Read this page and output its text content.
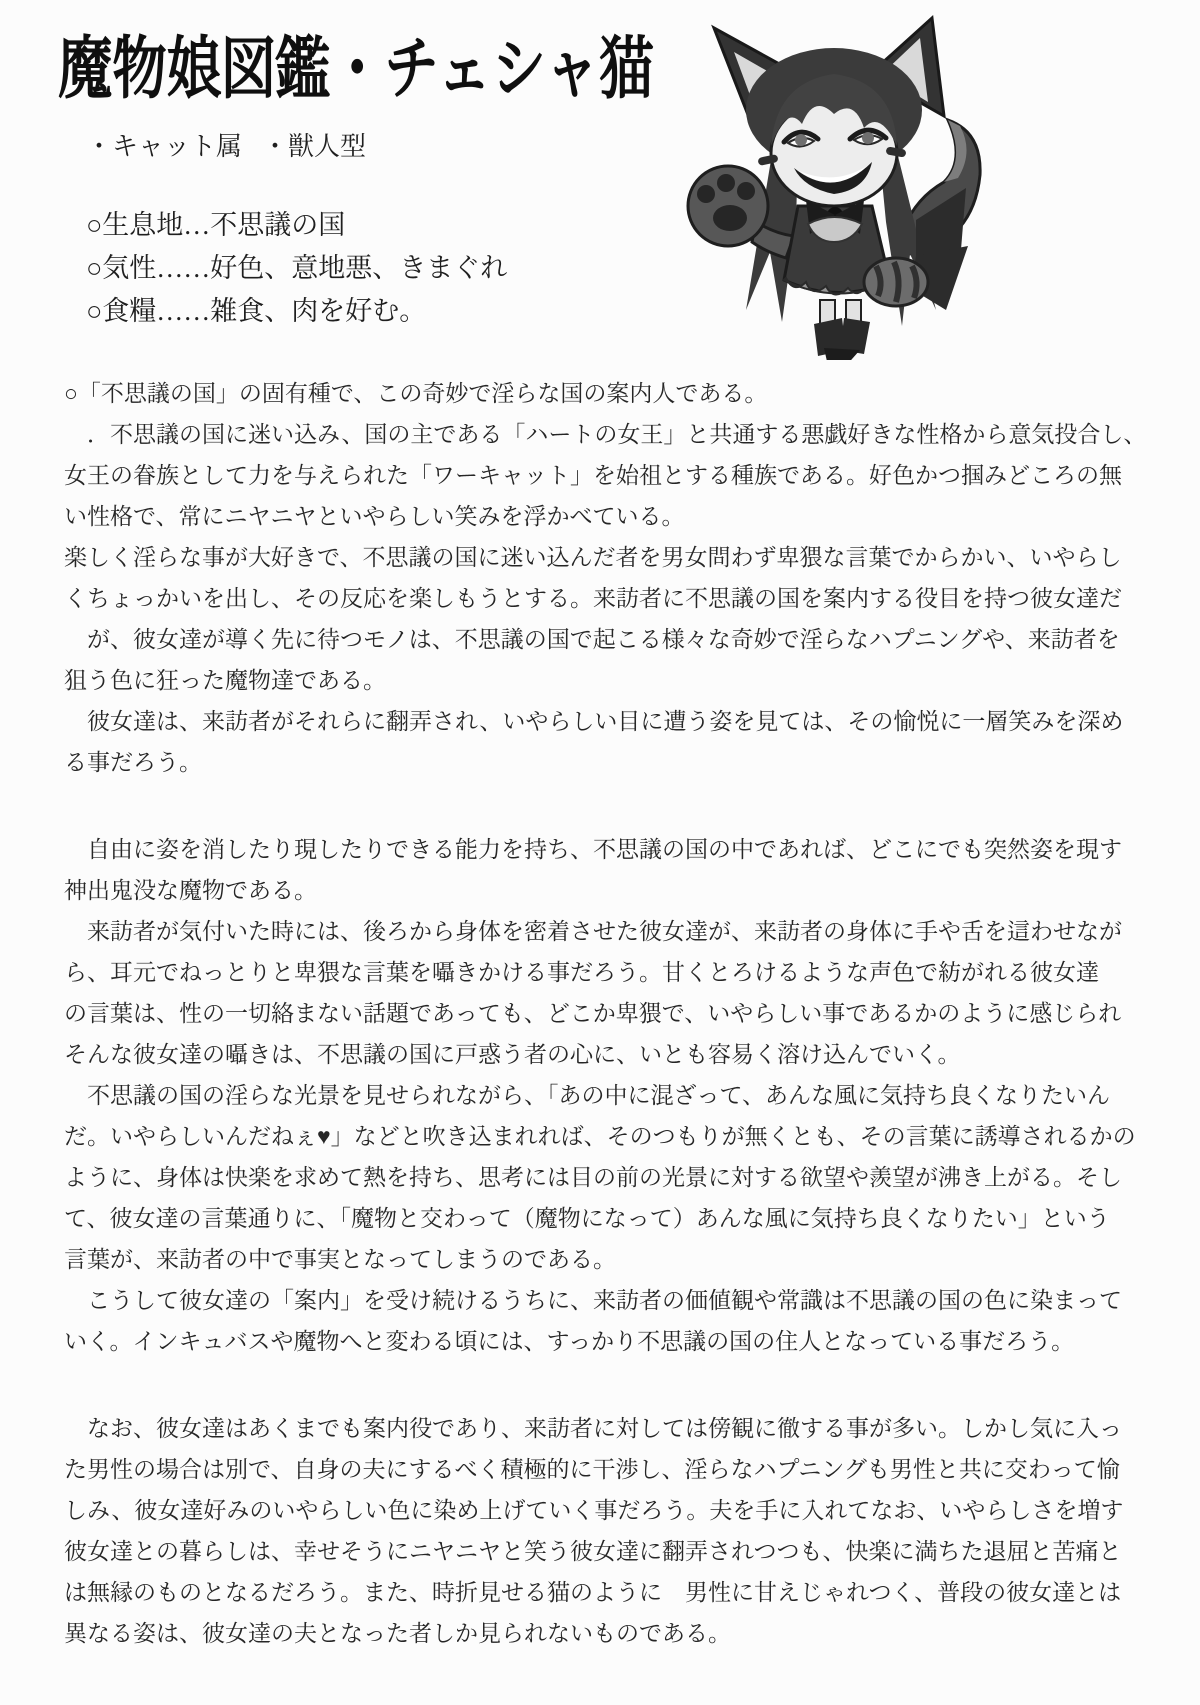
魔物娘図鑑・チェシャ猫
・キャット属 ・獣人型
○生息地…不思議の国
○気性……好色、意地悪、きまぐれ
○食糧……雑食、肉を好む。
○「不思議の国」の固有種で、この奇妙で淫らな国の案内人である。
　．不思議の国に迷い込み、国の主である「ハートの女王」と共通する悪戯好きな性格から意気投合し、
女王の眷族として力を与えられた「ワーキャット」を始祖とする種族である。好色かつ掴みどころの無
い性格で、常にニヤニヤといやらしい笑みを浮かべている。
楽しく淫らな事が大好きで、不思議の国に迷い込んだ者を男女問わず卑猥な言葉でからかい、いやらし
くちょっかいを出し、その反応を楽しもうとする。来訪者に不思議の国を案内する役目を持つ彼女達だ
　が、彼女達が導く先に待つモノは、不思議の国で起こる様々な奇妙で淫らなハプニングや、来訪者を
狙う色に狂った魔物達である。
　彼女達は、来訪者がそれらに翻弄され、いやらしい目に遭う姿を見ては、その愉悦に一層笑みを深め
る事だろう。
　自由に姿を消したり現したりできる能力を持ち、不思議の国の中であれば、どこにでも突然姿を現す
神出鬼没な魔物である。
　来訪者が気付いた時には、後ろから身体を密着させた彼女達が、来訪者の身体に手や舌を這わせなが
ら、耳元でねっとりと卑猥な言葉を囁きかける事だろう。甘くとろけるような声色で紡がれる彼女達
の言葉は、性の一切絡まない話題であっても、どこか卑猥で、いやらしい事であるかのように感じられ
そんな彼女達の囁きは、不思議の国に戸惑う者の心に、いとも容易く溶け込んでいく。
　不思議の国の淫らな光景を見せられながら、「あの中に混ざって、あんな風に気持ち良くなりたいん
だ。いやらしいんだねぇ♥」などと吹き込まれれば、そのつもりが無くとも、その言葉に誘導されるかの
ように、身体は快楽を求めて熱を持ち、思考には目の前の光景に対する欲望や羨望が沸き上がる。そし
て、彼女達の言葉通りに、「魔物と交わって（魔物になって）あんな風に気持ち良くなりたい」という
言葉が、来訪者の中で事実となってしまうのである。
　こうして彼女達の「案内」を受け続けるうちに、来訪者の価値観や常識は不思議の国の色に染まって
いく。インキュバスや魔物へと変わる頃には、すっかり不思議の国の住人となっている事だろう。
　なお、彼女達はあくまでも案内役であり、来訪者に対しては傍観に徹する事が多い。しかし気に入っ
た男性の場合は別で、自身の夫にするべく積極的に干渉し、淫らなハプニングも男性と共に交わって愉
しみ、彼女達好みのいやらしい色に染め上げていく事だろう。夫を手に入れてなお、いやらしさを増す
彼女達との暮らしは、幸せそうにニヤニヤと笑う彼女達に翻弄されつつも、快楽に満ちた退屈と苦痛と
は無縁のものとなるだろう。また、時折見せる猫のように　男性に甘えじゃれつく、普段の彼女達とは
異なる姿は、彼女達の夫となった者しか見られないものである。
